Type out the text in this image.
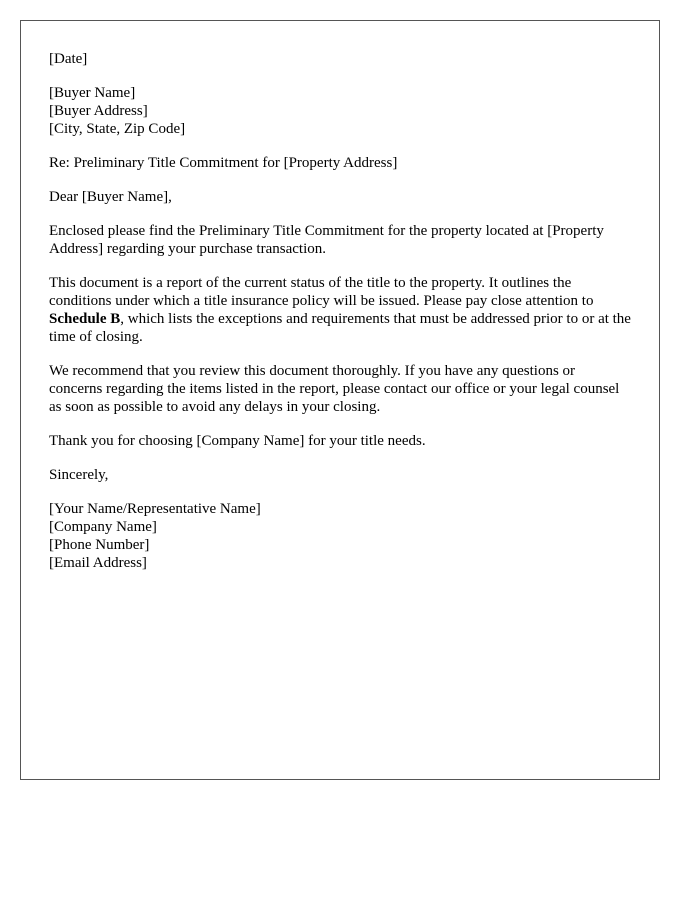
[Date]
[Buyer Name]
[Buyer Address]
[City, State, Zip Code]

Re: Preliminary Title Commitment for [Property Address]

Dear [Buyer Name],

Enclosed please find the Preliminary Title Commitment for the property located at [Property Address] regarding your purchase transaction.

This document is a report of the current status of the title to the property. It outlines the conditions under which a title insurance policy will be issued. Please pay close attention to Schedule B, which lists the exceptions and requirements that must be addressed prior to or at the time of closing.

We recommend that you review this document thoroughly. If you have any questions or concerns regarding the items listed in the report, please contact our office or your legal counsel as soon as possible to avoid any delays in your closing.

Thank you for choosing [Company Name] for your title needs.

Sincerely,

[Your Name/Representative Name]
[Company Name]
[Phone Number]
[Email Address]
